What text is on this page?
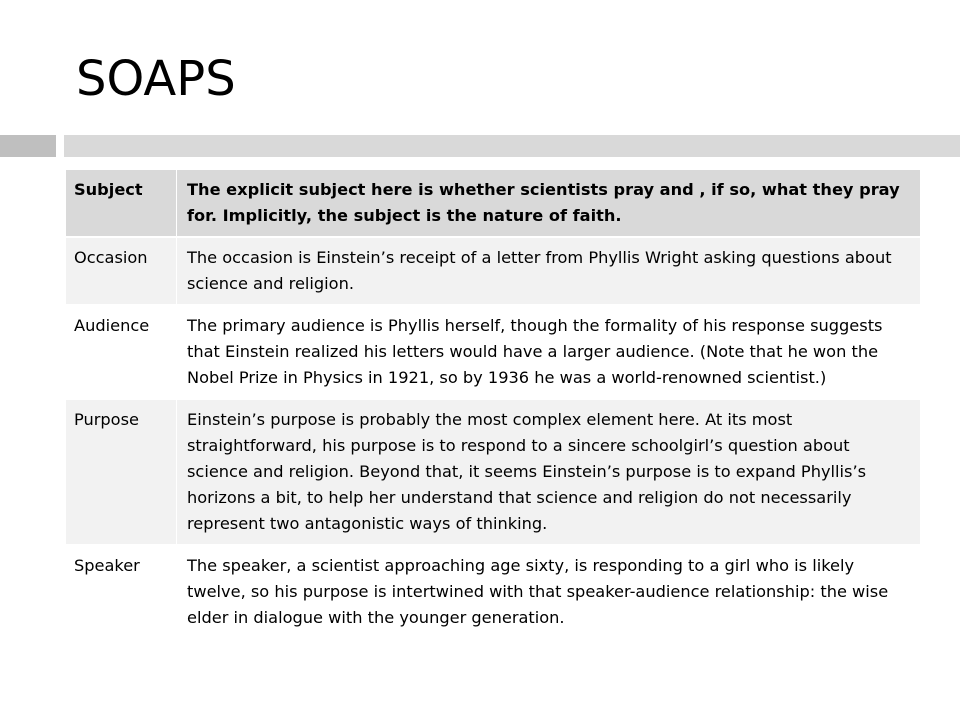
SOAPS
Subject	The explicit subject here is whether scientists pray and , if so, what they pray for. Implicitly, the subject is the nature of faith.
Occasion	The occasion is Einstein’s receipt of a letter from Phyllis Wright asking questions about science and religion.
Audience	The primary audience is Phyllis herself, though the formality of his response suggests that Einstein realized his letters would have a larger audience. (Note that he won the Nobel Prize in Physics in 1921, so by 1936 he was a world-renowned scientist.)
Purpose	Einstein’s purpose is probably the most complex element here. At its most straightforward, his purpose is to respond to a sincere schoolgirl’s question about science and religion. Beyond that, it seems Einstein’s purpose is to expand Phyllis’s horizons a bit, to help her understand that science and religion do not necessarily represent two antagonistic ways of thinking.
Speaker	The speaker, a scientist approaching age sixty, is responding to a girl who is likely twelve, so his purpose is intertwined with that speaker-audience relationship: the wise elder in dialogue with the younger generation.
